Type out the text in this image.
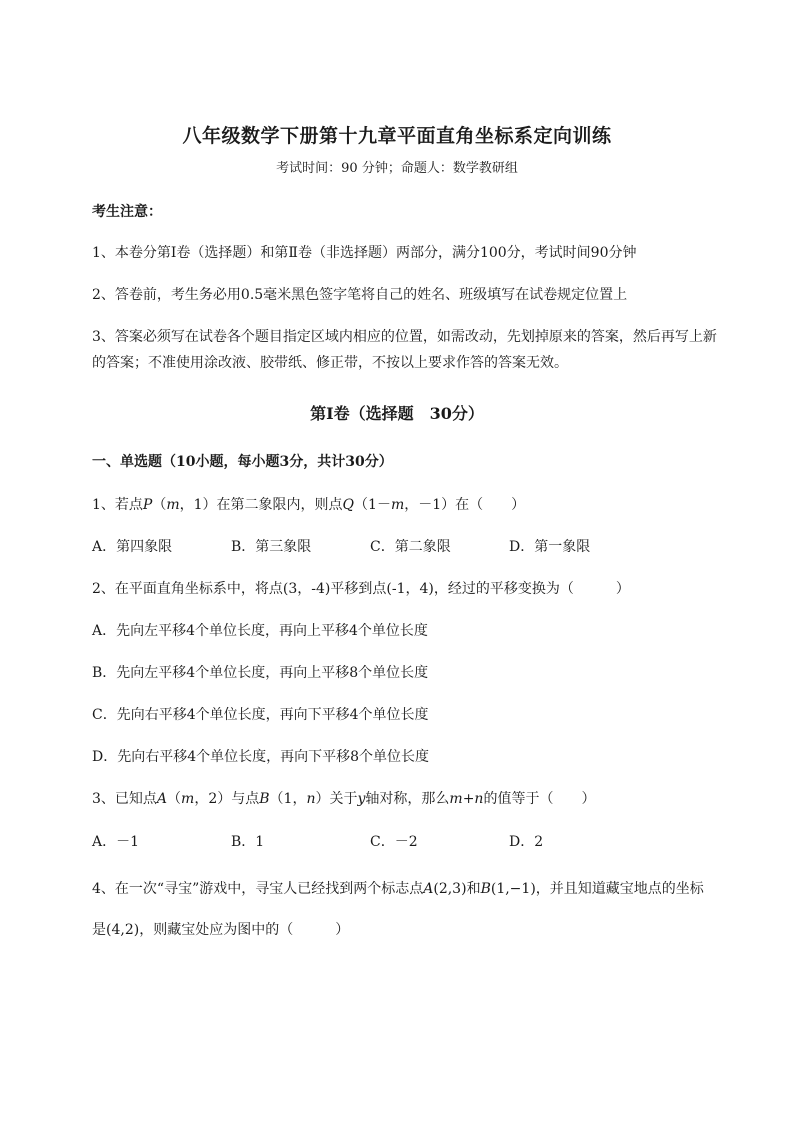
八年级数学下册第十九章平面直角坐标系定向训练
考试时间：90 分钟；命题人：数学教研组
考生注意：
1、本卷分第Ⅰ卷（选择题）和第Ⅱ卷（非选择题）两部分，满分100分，考试时间90分钟
2、答卷前，考生务必用0.5毫米黑色签字笔将自己的姓名、班级填写在试卷规定位置上
3、答案必须写在试卷各个题目指定区域内相应的位置，如需改动，先划掉原来的答案，然后再写上新
的答案；不准使用涂改液、胶带纸、修正带，不按以上要求作答的答案无效。
第Ⅰ卷（选择题　30分）
一、单选题（10小题，每小题3分，共计30分）
1、若点P（m，1）在第二象限内，则点Q（1－m，－1）在（　　）
A．第四象限	B．第三象限	C．第二象限	D．第一象限
2、在平面直角坐标系中，将点(3，-4)平移到点(-1，4)，经过的平移变换为（　　　）
A．先向左平移4个单位长度，再向上平移4个单位长度
B．先向左平移4个单位长度，再向上平移8个单位长度
C．先向右平移4个单位长度，再向下平移4个单位长度
D．先向右平移4个单位长度，再向下平移8个单位长度
3、已知点A（m，2）与点B（1，n）关于y轴对称，那么m+n的值等于（　　）
A．－1	B．1	C．－2	D．2
4、在一次“寻宝”游戏中，寻宝人已经找到两个标志点A(2,3)和B(1,−1)，并且知道藏宝地点的坐标
是(4,2)，则藏宝处应为图中的（　　　）
